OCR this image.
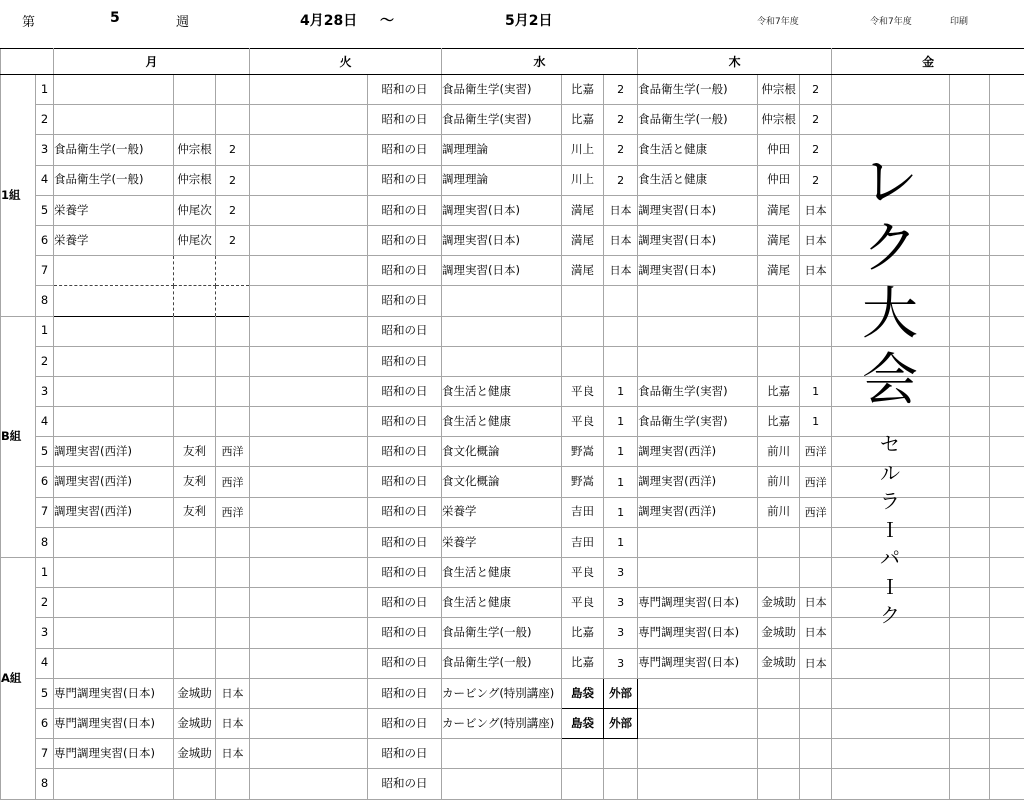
第	5	週	4月28日 ～	5月2日	令和7年度	令和7年度	印刷
		月			火		水			木			金		
1組	1					昭和の日	食品衛生学(実習)	比嘉	2	食品衛生学(一般)	仲宗根	2			
	2					昭和の日	食品衛生学(実習)	比嘉	2	食品衛生学(一般)	仲宗根	2			
	3	食品衛生学(一般)	仲宗根	2		昭和の日	調理理論	川上	2	食生活と健康	仲田	2			
	4	食品衛生学(一般)	仲宗根	2		昭和の日	調理理論	川上	2	食生活と健康	仲田	2			
	5	栄養学	仲尾次	2		昭和の日	調理実習(日本)	満尾	日本	調理実習(日本)	満尾	日本			
	6	栄養学	仲尾次	2		昭和の日	調理実習(日本)	満尾	日本	調理実習(日本)	満尾	日本			
	7					昭和の日	調理実習(日本)	満尾	日本	調理実習(日本)	満尾	日本			
	8					昭和の日									
B組	1					昭和の日									
	2					昭和の日									
	3					昭和の日	食生活と健康	平良	1	食品衛生学(実習)	比嘉	1			
	4					昭和の日	食生活と健康	平良	1	食品衛生学(実習)	比嘉	1			
	5	調理実習(西洋)	友利	西洋		昭和の日	食文化概論	野嵩	1	調理実習(西洋)	前川	西洋			
	6	調理実習(西洋)	友利	西洋		昭和の日	食文化概論	野嵩	1	調理実習(西洋)	前川	西洋			
	7	調理実習(西洋)	友利	西洋		昭和の日	栄養学	吉田	1	調理実習(西洋)	前川	西洋			
	8					昭和の日	栄養学	吉田	1						
A組	1					昭和の日	食生活と健康	平良	3						
	2					昭和の日	食生活と健康	平良	3	専門調理実習(日本)	金城助	日本			
	3					昭和の日	食品衛生学(一般)	比嘉	3	専門調理実習(日本)	金城助	日本			
	4					昭和の日	食品衛生学(一般)	比嘉	3	専門調理実習(日本)	金城助	日本			
	5	専門調理実習(日本)	金城助	日本		昭和の日	カービング(特別講座)	島袋	外部						
	6	専門調理実習(日本)	金城助	日本		昭和の日	カービング(特別講座)	島袋	外部						
	7	専門調理実習(日本)	金城助	日本		昭和の日									
	8					昭和の日									
レ
ク
大
会
セ
ル
ラ
Ｉ
パ
Ｉ
ク
